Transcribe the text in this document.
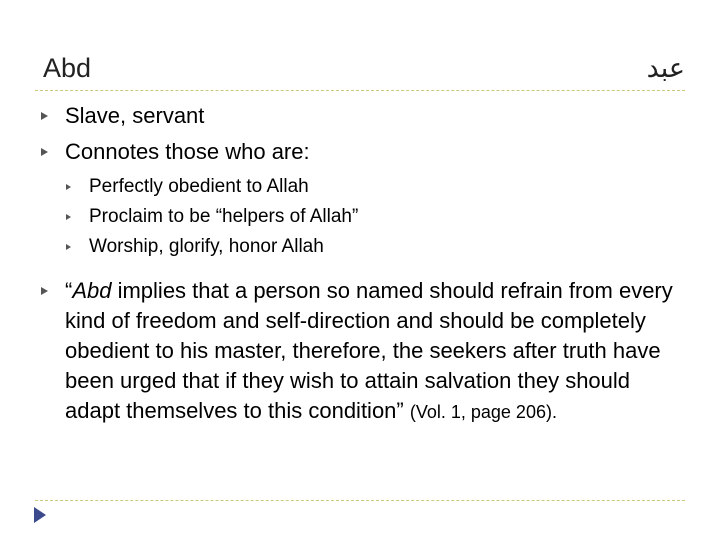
Abd	عبد
Slave, servant
Connotes those who are:
Perfectly obedient to Allah
Proclaim to be “helpers of Allah”
Worship, glorify, honor Allah
“Abd implies that a person so named should refrain from every kind of freedom and self-direction and should be completely obedient to his master, therefore, the seekers after truth have been urged that if they wish to attain salvation they should adapt themselves to this condition” (Vol. 1, page 206).
